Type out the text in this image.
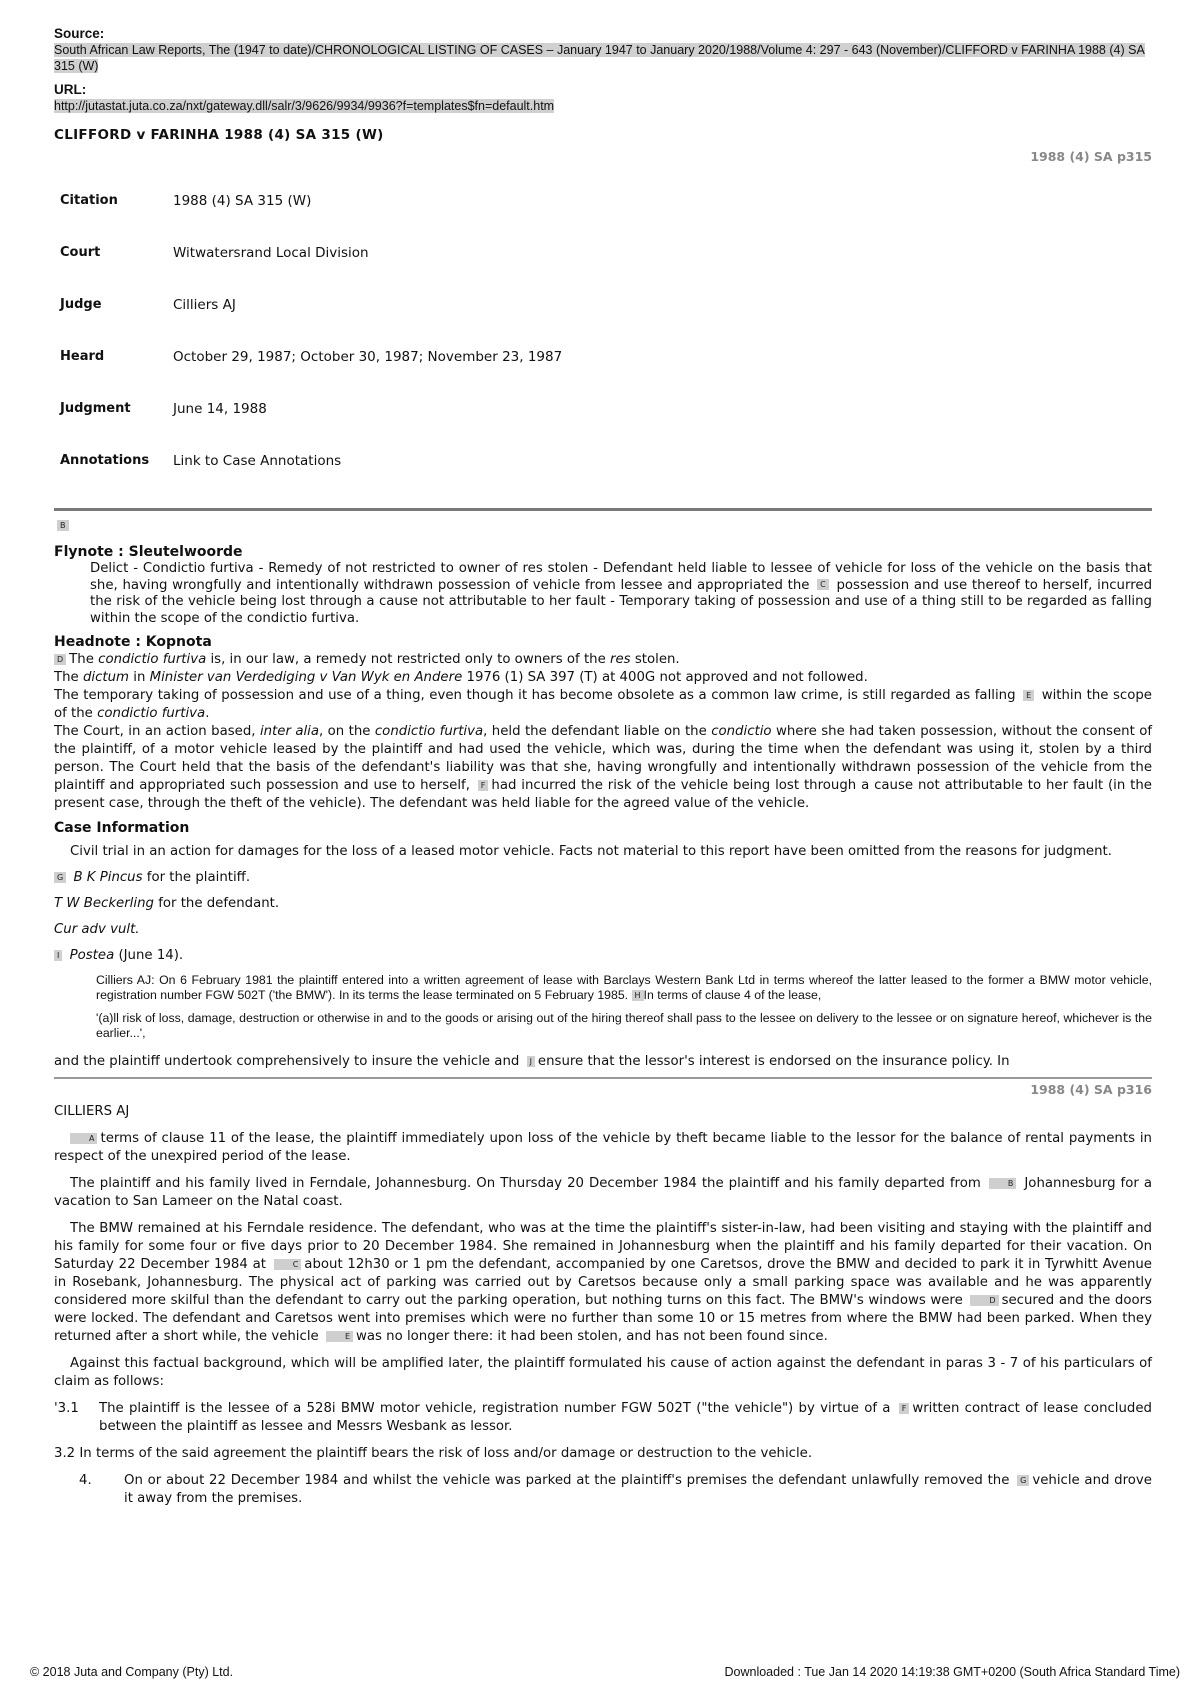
Source:
South African Law Reports, The (1947 to date)/CHRONOLOGICAL LISTING OF CASES – January 1947 to January 2020/1988/Volume 4: 297 - 643 (November)/CLIFFORD v FARINHA 1988 (4) SA 315 (W)
URL:
http://jutastat.juta.co.za/nxt/gateway.dll/salr/3/9626/9934/9936?f=templates$fn=default.htm
CLIFFORD v FARINHA 1988 (4) SA 315 (W)
1988 (4) SA p315
Citation	1988 (4) SA 315 (W)
Court	Witwatersrand Local Division
Judge	Cilliers AJ
Heard	October 29, 1987; October 30, 1987; November 23, 1987
Judgment	June 14, 1988
Annotations	Link to Case Annotations
B
Flynote : Sleutelwoorde
Delict - Condictio furtiva - Remedy of not restricted to owner of res stolen - Defendant held liable to lessee of vehicle for loss of the vehicle on the basis that she, having wrongfully and intentionally withdrawn possession of vehicle from lessee and appropriated the C possession and use thereof to herself, incurred the risk of the vehicle being lost through a cause not attributable to her fault - Temporary taking of possession and use of a thing still to be regarded as falling within the scope of the condictio furtiva.
Headnote : Kopnota

D The condictio furtiva is, in our law, a remedy not restricted only to owners of the res stolen.

The dictum in Minister van Verdediging v Van Wyk en Andere 1976 (1) SA 397 (T) at 400G not approved and not followed.

The temporary taking of possession and use of a thing, even though it has become obsolete as a common law crime, is still regarded as falling E within the scope of the condictio furtiva.

The Court, in an action based, inter alia, on the condictio furtiva, held the defendant liable on the condictio where she had taken possession, without the consent of the plaintiff, of a motor vehicle leased by the plaintiff and had used the vehicle, which was, during the time when the defendant was using it, stolen by a third person. The Court held that the basis of the defendant's liability was that she, having wrongfully and intentionally withdrawn possession of the vehicle from the plaintiff and appropriated such possession and use to herself, F had incurred the risk of the vehicle being lost through a cause not attributable to her fault (in the present case, through the theft of the vehicle). The defendant was held liable for the agreed value of the vehicle.

Case Information

Civil trial in an action for damages for the loss of a leased motor vehicle. Facts not material to this report have been omitted from the reasons for judgment.

G B K Pincus for the plaintiff.

T W Beckerling for the defendant.

Cur adv vult.

I Postea (June 14).

Cilliers AJ: On 6 February 1981 the plaintiff entered into a written agreement of lease with Barclays Western Bank Ltd in terms whereof the latter leased to the former a BMW motor vehicle, registration number FGW 502T ('the BMW'). In its terms the lease terminated on 5 February 1985. H In terms of clause 4 of the lease,
'(a)ll risk of loss, damage, destruction or otherwise in and to the goods or arising out of the hiring thereof shall pass to the lessee on delivery to the lessee or on signature hereof, whichever is the earlier...',

and the plaintiff undertook comprehensively to insure the vehicle and J ensure that the lessor's interest is endorsed on the insurance policy. In

1988 (4) SA p316

CILLIERS AJ

A terms of clause 11 of the lease, the plaintiff immediately upon loss of the vehicle by theft became liable to the lessor for the balance of rental payments in respect of the unexpired period of the lease.

The plaintiff and his family lived in Ferndale, Johannesburg. On Thursday 20 December 1984 the plaintiff and his family departed from	B Johannesburg for a vacation to San Lameer on the Natal coast.

The BMW remained at his Ferndale residence. The defendant, who was at the time the plaintiff's sister-in-law, had been visiting and staying with the plaintiff and his family for some four or five days prior to 20 December 1984. She remained in Johannesburg when the plaintiff and his family departed for their vacation. On Saturday 22 December 1984 at	C about 12h30 or 1 pm the defendant, accompanied by one Caretsos, drove the BMW and decided to park it in Tyrwhitt Avenue in Rosebank, Johannesburg. The physical act of parking was carried out by Caretsos because only a small parking space was available and he was apparently considered more skilful than the defendant to carry out the parking operation, but nothing turns on this fact. The BMW's windows were	D secured and the doors were locked. The defendant and Caretsos went into premises which were no further than some 10 or 15 metres from where the BMW had been parked. When they returned after a short while, the vehicle	E was no longer there: it had been stolen, and has not been found since.

Against this factual background, which will be amplified later, the plaintiff formulated his cause of action against the defendant in paras 3 - 7 of his particulars of claim as follows:

'3.1 The plaintiff is the lessee of a 528i BMW motor vehicle, registration number FGW 502T ("the vehicle") by virtue of a F written contract of lease concluded between the plaintiff as lessee and Messrs Wesbank as lessor.

3.2 In terms of the said agreement the plaintiff bears the risk of loss and/or damage or destruction to the vehicle.

4. On or about 22 December 1984 and whilst the vehicle was parked at the plaintiff's premises the defendant unlawfully removed the G vehicle and drove it away from the premises.

© 2018 Juta and Company (Pty) Ltd.	Downloaded : Tue Jan 14 2020 14:19:38 GMT+0200 (South Africa Standard Time)
